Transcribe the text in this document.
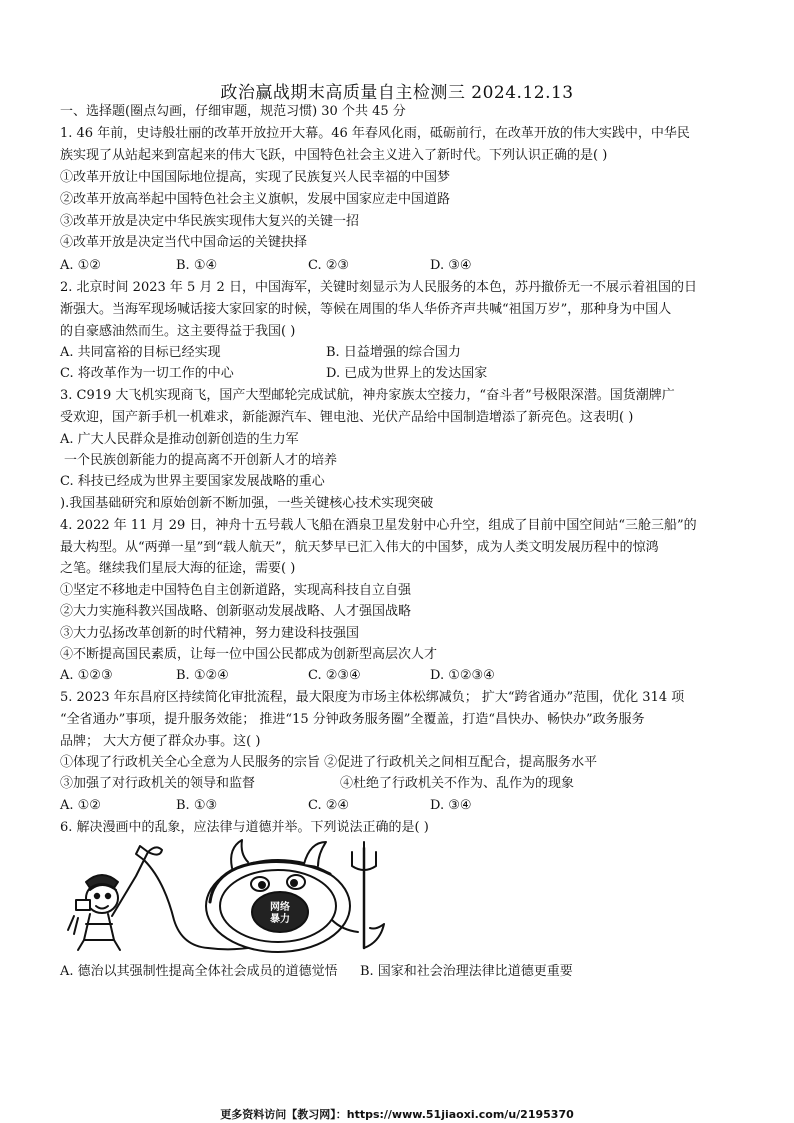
政治赢战期末高质量自主检测三 2024.12.13
一、选择题(圈点勾画，仔细审题，规范习惯) 30 个共 45 分
1. 46 年前，史诗般壮丽的改革开放拉开大幕。46 年春风化雨，砥砺前行，在改革开放的伟大实践中，中华民
族实现了从站起来到富起来的伟大飞跃，中国特色社会主义进入了新时代。下列认识正确的是( )
①改革开放让中国国际地位提高，实现了民族复兴人民幸福的中国梦
②改革开放高举起中国特色社会主义旗帜，发展中国家应走中国道路
③改革开放是决定中华民族实现伟大复兴的关键一招
④改革开放是决定当代中国命运的关键抉择
A. ①②	B. ①④	C. ②③	D. ③④
2. 北京时间 2023 年 5 月 2 日，中国海军，关键时刻显示为人民服务的本色，苏丹撤侨无一不展示着祖国的日
渐强大。当海军现场喊话接大家回家的时候，等候在周围的华人华侨齐声共喊“祖国万岁”，那种身为中国人
的自豪感油然而生。这主要得益于我国( )
A. 共同富裕的目标已经实现	B. 日益增强的综合国力
C. 将改革作为一切工作的中心	D. 已成为世界上的发达国家
3. C919 大飞机实现商飞，国产大型邮轮完成试航，神舟家族太空接力，“奋斗者”号极限深潜。国货潮牌广
受欢迎，国产新手机一机难求，新能源汽车、锂电池、光伏产品给中国制造增添了新亮色。这表明( )
A. 广大人民群众是推动创新创造的生力军
一个民族创新能力的提高离不开创新人才的培养
C. 科技已经成为世界主要国家发展战略的重心
).我国基础研究和原始创新不断加强，一些关键核心技术实现突破
4. 2022 年 11 月 29 日，神舟十五号载人飞船在酒泉卫星发射中心升空，组成了目前中国空间站“三舱三船”的
最大构型。从“两弹一星”到“载人航天”，航天梦早已汇入伟大的中国梦，成为人类文明发展历程中的惊鸿
之笔。继续我们星辰大海的征途，需要( )
①坚定不移地走中国特色自主创新道路，实现高科技自立自强
②大力实施科教兴国战略、创新驱动发展战略、人才强国战略
③大力弘扬改革创新的时代精神，努力建设科技强国
④不断提高国民素质，让每一位中国公民都成为创新型高层次人才
A. ①②③	B. ①②④	C. ②③④	D. ①②③④
5. 2023 年东昌府区持续简化审批流程，最大限度为市场主体松绑减负； 扩大“跨省通办”范围，优化 314 项
“全省通办”事项，提升服务效能； 推进“15 分钟政务服务圈”全覆盖，打造“昌快办、畅快办”政务服务
品牌； 大大方便了群众办事。这( )
①体现了行政机关全心全意为人民服务的宗旨 ②促进了行政机关之间相互配合，提高服务水平
③加强了对行政机关的领导和监督	④杜绝了行政机关不作为、乱作为的现象
A. ①②	B. ①③	C. ②④	D. ③④
6. 解决漫画中的乱象，应法律与道德并举。下列说法正确的是( )
网络
暴力
A. 德治以其强制性提高全体社会成员的道德觉悟 B. 国家和社会治理法律比道德更重要
更多资料访问【教习网】：https://www.51jiaoxi.com/u/2195370
